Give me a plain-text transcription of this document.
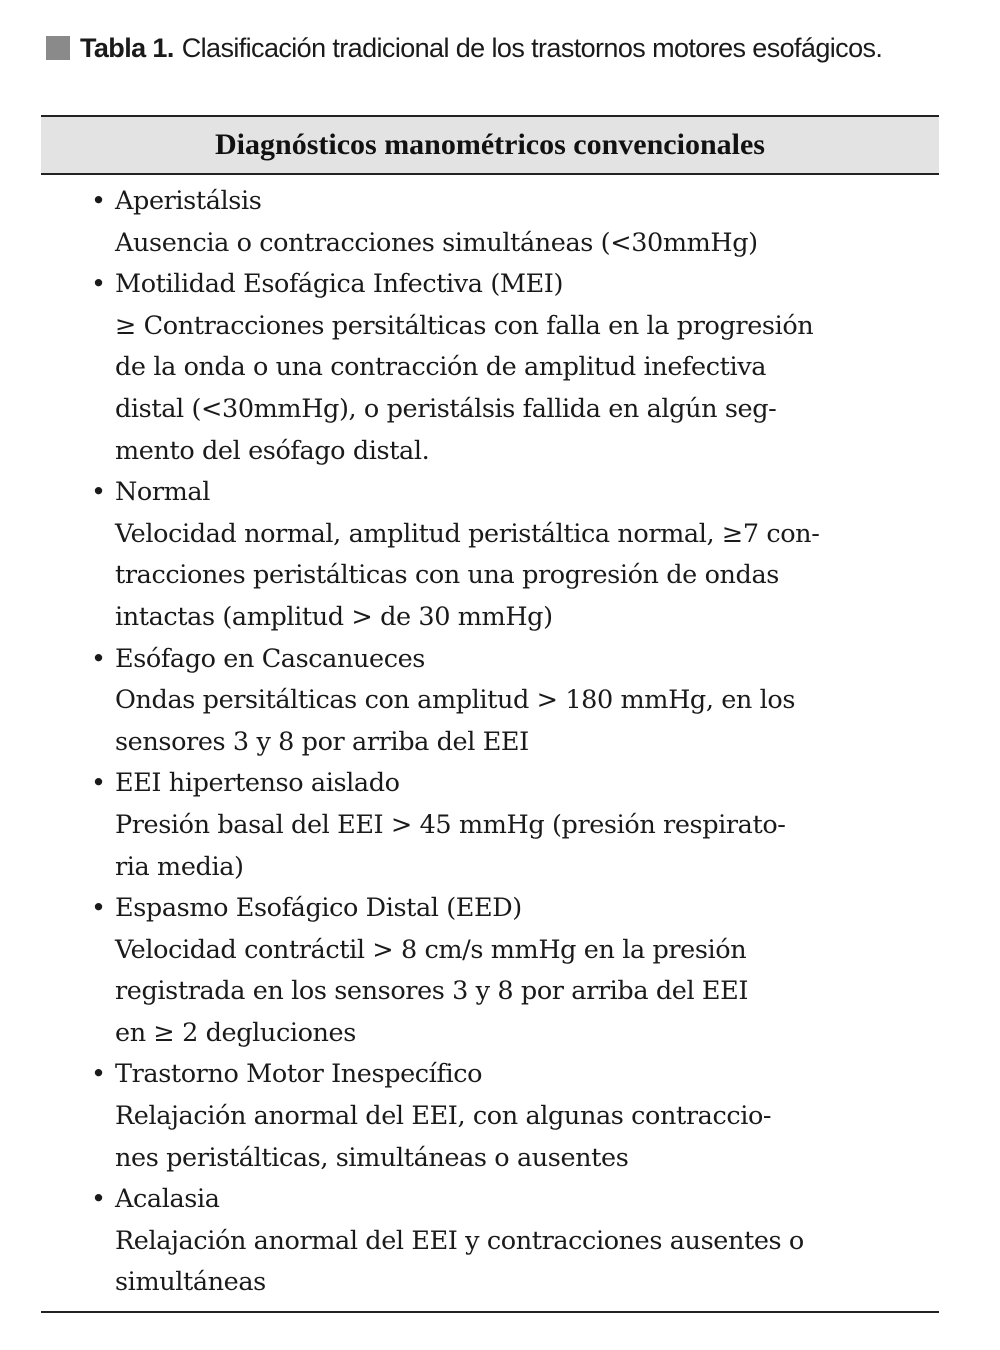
Tabla 1. Clasificación tradicional de los trastornos motores esofágicos.
Diagnósticos manométricos convencionales
• Aperistálsis
Ausencia o contracciones simultáneas (<30mmHg)
• Motilidad Esofágica Infectiva (MEI)
≥ Contracciones persitálticas con falla en la progresión
de la onda o una contracción de amplitud inefectiva
distal (<30mmHg), o peristálsis fallida en algún seg-
mento del esófago distal.
• Normal
Velocidad normal, amplitud peristáltica normal, ≥7 con-
tracciones peristálticas con una progresión de ondas
intactas (amplitud > de 30 mmHg)
• Esófago en Cascanueces
Ondas persitálticas con amplitud > 180 mmHg, en los
sensores 3 y 8 por arriba del EEI
• EEI hipertenso aislado
Presión basal del EEI > 45 mmHg (presión respirato-
ria media)
• Espasmo Esofágico Distal (EED)
Velocidad contráctil > 8 cm/s mmHg en la presión
registrada en los sensores 3 y 8 por arriba del EEI
en ≥ 2 degluciones
• Trastorno Motor Inespecífico
Relajación anormal del EEI, con algunas contraccio-
nes peristálticas, simultáneas o ausentes
• Acalasia
Relajación anormal del EEI y contracciones ausentes o
simultáneas
